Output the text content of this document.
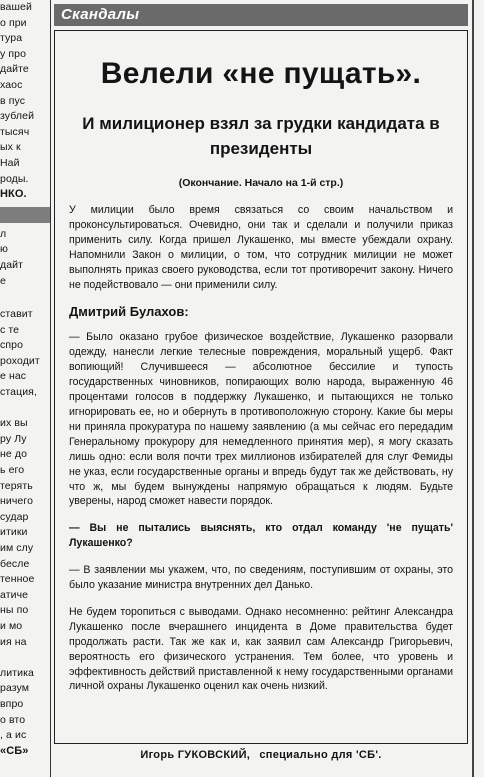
вашей
о при
тура
у про
дайте
хаос
в пус
зублей
тысяч
ых к
Най
роды.
НКО.
л
ю
дайт
е
ставит
с те
спро
роходит
е нас
стация,
их вы
ру Лу
не до
ь его
терять
ничего
судар
итики
им слу
бесле
тенное
атиче
ны по
и мо
ия на
литика
разум
впро
о вто
, а ис
«СБ»
Скандалы
Велели «не пущать».
И милиционер взял за грудки кандидата в президенты
(Окончание. Начало на 1-й стр.)
У милиции было время связаться со своим начальством и проконсультироваться. Очевидно, они так и сделали и получили приказ применить силу. Когда пришел Лукашенко, мы вместе убеждали охрану. Напомнили Закон о милиции, о том, что сотрудник милиции не может выполнять приказ своего руководства, если тот противоречит закону. Ничего не подействовало — они применили силу.
Дмитрий Булахов:
— Было оказано грубое физическое воздействие, Лукашенко разорвали одежду, нанесли легкие телесные повреждения, моральный ущерб. Факт вопиющий! Случившееся — абсолютное бессилие и тупость государственных чиновников, попирающих волю народа, выраженную 46 процентами голосов в поддержку Лукашенко, и пытающихся не только игнорировать ее, но и обернуть в противоположную сторону. Какие бы меры ни приняла прокуратура по нашему заявлению (а мы сейчас его передадим Генеральному прокурору для немедленного принятия мер), я могу сказать лишь одно: если воля почти трех миллионов избирателей для слуг Фемиды не указ, если государственные органы и впредь будут так же действовать, ну что ж, мы будем вынуждены напрямую обращаться к людям. Будьте уверены, народ сможет навести порядок.
— Вы не пытались выяснять, кто отдал команду 'не пущать' Лукашенко?
— В заявлении мы укажем, что, по сведениям, поступившим от охраны, это было указание министра внутренних дел Данько.
Не будем торопиться с выводами. Однако несомненно: рейтинг Александра Лукашенко после вчерашнего инцидента в Доме правительства будет продолжать расти. Так же как и, как заявил сам Александр Григорьевич, вероятность его физического устранения. Тем более, что уровень и эффективность действий приставленной к нему государственными органами личной охраны Лукашенко оценил как очень низкий.
Игорь ГУКОВСКИЙ, специально для 'СБ'.
